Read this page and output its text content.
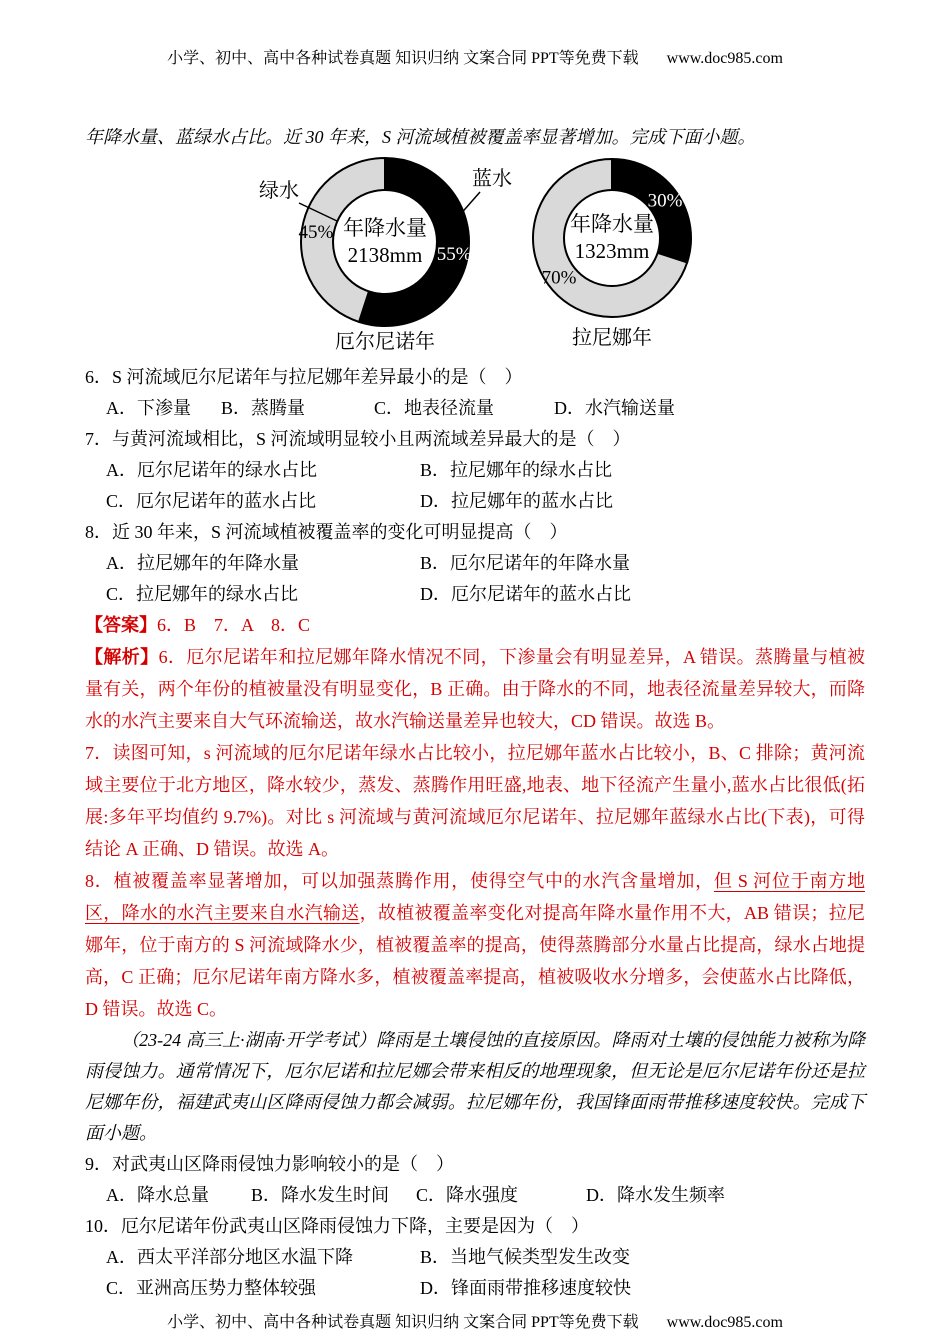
小学、初中、高中各种试卷真题 知识归纳 文案合同 PPT等免费下载 www.doc985.com

年降水量、蓝绿水占比。近 30 年来，S 河流域植被覆盖率显著增加。完成下面小题。

55%
45% 年降水量
2138mm
厄尔尼诺年
30%
70%
年降水量
1323mm
拉尼娜年
绿水
蓝水
6．S 河流域厄尔尼诺年与拉尼娜年差异最小的是（　）
A．下渗量	B．蒸腾量	C．地表径流量	D．水汽输送量
7．与黄河流域相比，S 河流域明显较小且两流域差异最大的是（　）
A．厄尔尼诺年的绿水占比	B．拉尼娜年的绿水占比
C．厄尔尼诺年的蓝水占比	D．拉尼娜年的蓝水占比
8．近 30 年来，S 河流域植被覆盖率的变化可明显提高（　）
A．拉尼娜年的年降水量	B．厄尔尼诺年的年降水量
C．拉尼娜年的绿水占比	D．厄尔尼诺年的蓝水占比
【答案】6．B　7．A　8．C

【解析】6．厄尔尼诺年和拉尼娜年降水情况不同，下渗量会有明显差异，A 错误。蒸腾量与植被量有关，两个年份的植被量没有明显变化，B 正确。由于降水的不同，地表径流量差异较大，而降水的水汽主要来自大气环流输送，故水汽输送量差异也较大，CD 错误。故选 B。

7．读图可知，s 河流域的厄尔尼诺年绿水占比较小，拉尼娜年蓝水占比较小，B、C 排除；黄河流域主要位于北方地区，降水较少，蒸发、蒸腾作用旺盛,地表、地下径流产生量小,蓝水占比很低(拓展:多年平均值约 9.7%)。对比 s 河流域与黄河流域厄尔尼诺年、拉尼娜年蓝绿水占比(下表)，可得结论 A 正确、D 错误。故选 A。

8．植被覆盖率显著增加，可以加强蒸腾作用，使得空气中的水汽含量增加，但 S 河位于南方地区，降水的水汽主要来自水汽输送，故植被覆盖率变化对提高年降水量作用不大，AB 错误；拉尼娜年，位于南方的 S 河流域降水少，植被覆盖率的提高，使得蒸腾部分水量占比提高，绿水占地提高，C 正确；厄尔尼诺年南方降水多，植被覆盖率提高，植被吸收水分增多，会使蓝水占比降低，D 错误。故选 C。

（23-24 高三上·湖南·开学考试）降雨是土壤侵蚀的直接原因。降雨对土壤的侵蚀能力被称为降雨侵蚀力。通常情况下，厄尔尼诺和拉尼娜会带来相反的地理现象，但无论是厄尔尼诺年份还是拉尼娜年份，福建武夷山区降雨侵蚀力都会减弱。拉尼娜年份，我国锋面雨带推移速度较快。完成下面小题。

9．对武夷山区降雨侵蚀力影响较小的是（　）
A．降水总量	B．降水发生时间	C．降水强度	D．降水发生频率
10．厄尔尼诺年份武夷山区降雨侵蚀力下降，主要是因为（　）
A．西太平洋部分地区水温下降	B．当地气候类型发生改变
C．亚洲高压势力整体较强	D．锋面雨带推移速度较快
小学、初中、高中各种试卷真题 知识归纳 文案合同 PPT等免费下载 www.doc985.com
